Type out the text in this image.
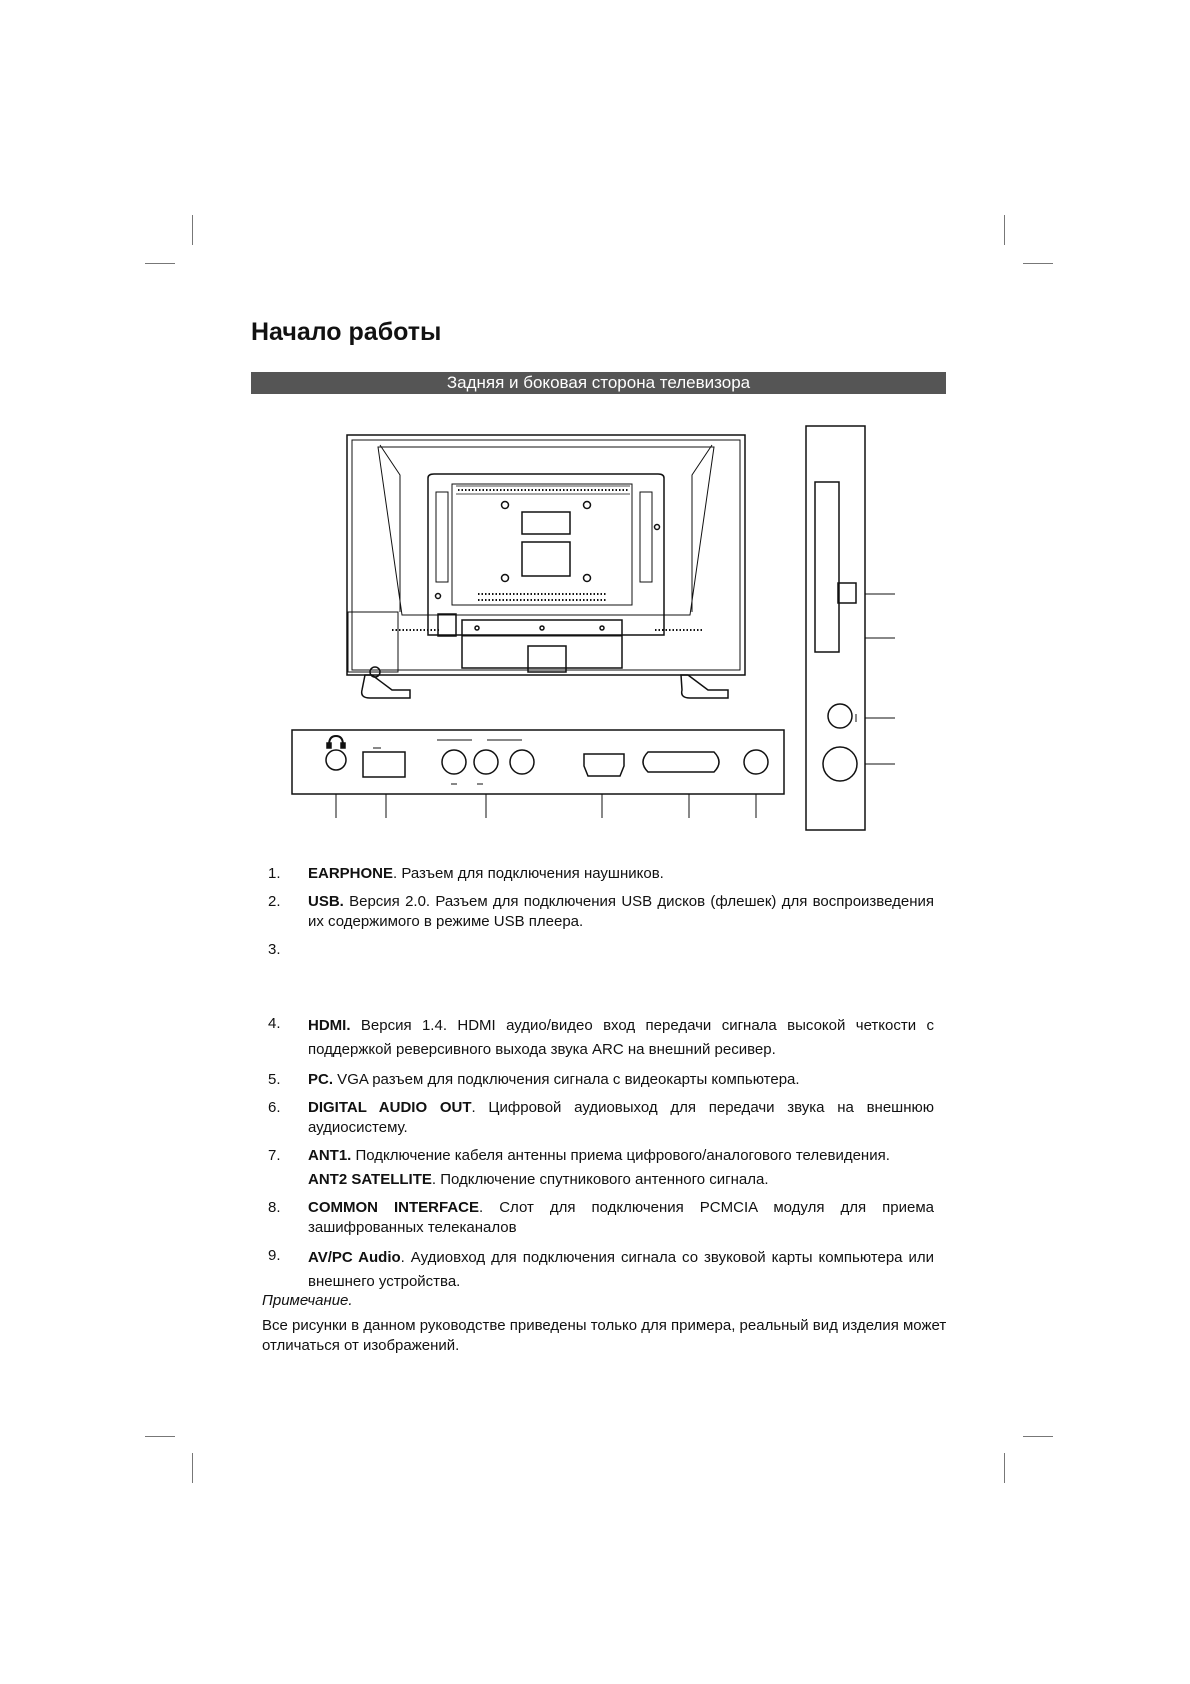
Начало работы
Задняя и боковая сторона телевизора
1.	EARPHONE. Разъем для подключения наушников.
2.	USB. Версия 2.0. Разъем для подключения USB дисков (флешек) для воспроизведения их содержимого в режиме USB плеера.
3.
4.	HDMI. Версия 1.4. HDMI аудио/видео вход передачи сигнала высокой четкости с поддержкой реверсивного выхода звука ARC на внешний ресивер.
5.	PC. VGA разъем для подключения сигнала с видеокарты компьютера.
6.	DIGITAL AUDIO OUT. Цифровой аудиовыход для передачи звука на внешнюю аудиосистему.
7.	ANT1. Подключение кабеля антенны приема цифрового/аналогового телевидения.
ANT2 SATELLITE. Подключение спутникового антенного сигнала.
8.	COMMON INTERFACE. Слот для подключения PCMCIA модуля для приема зашифрованных телеканалов
9.	AV/PC Audio. Аудиовход для подключения сигнала со звуковой карты компьютера или внешнего устройства.
Примечание.
Все рисунки в данном руководстве приведены только для примера, реальный вид изделия может отличаться от изображений.
